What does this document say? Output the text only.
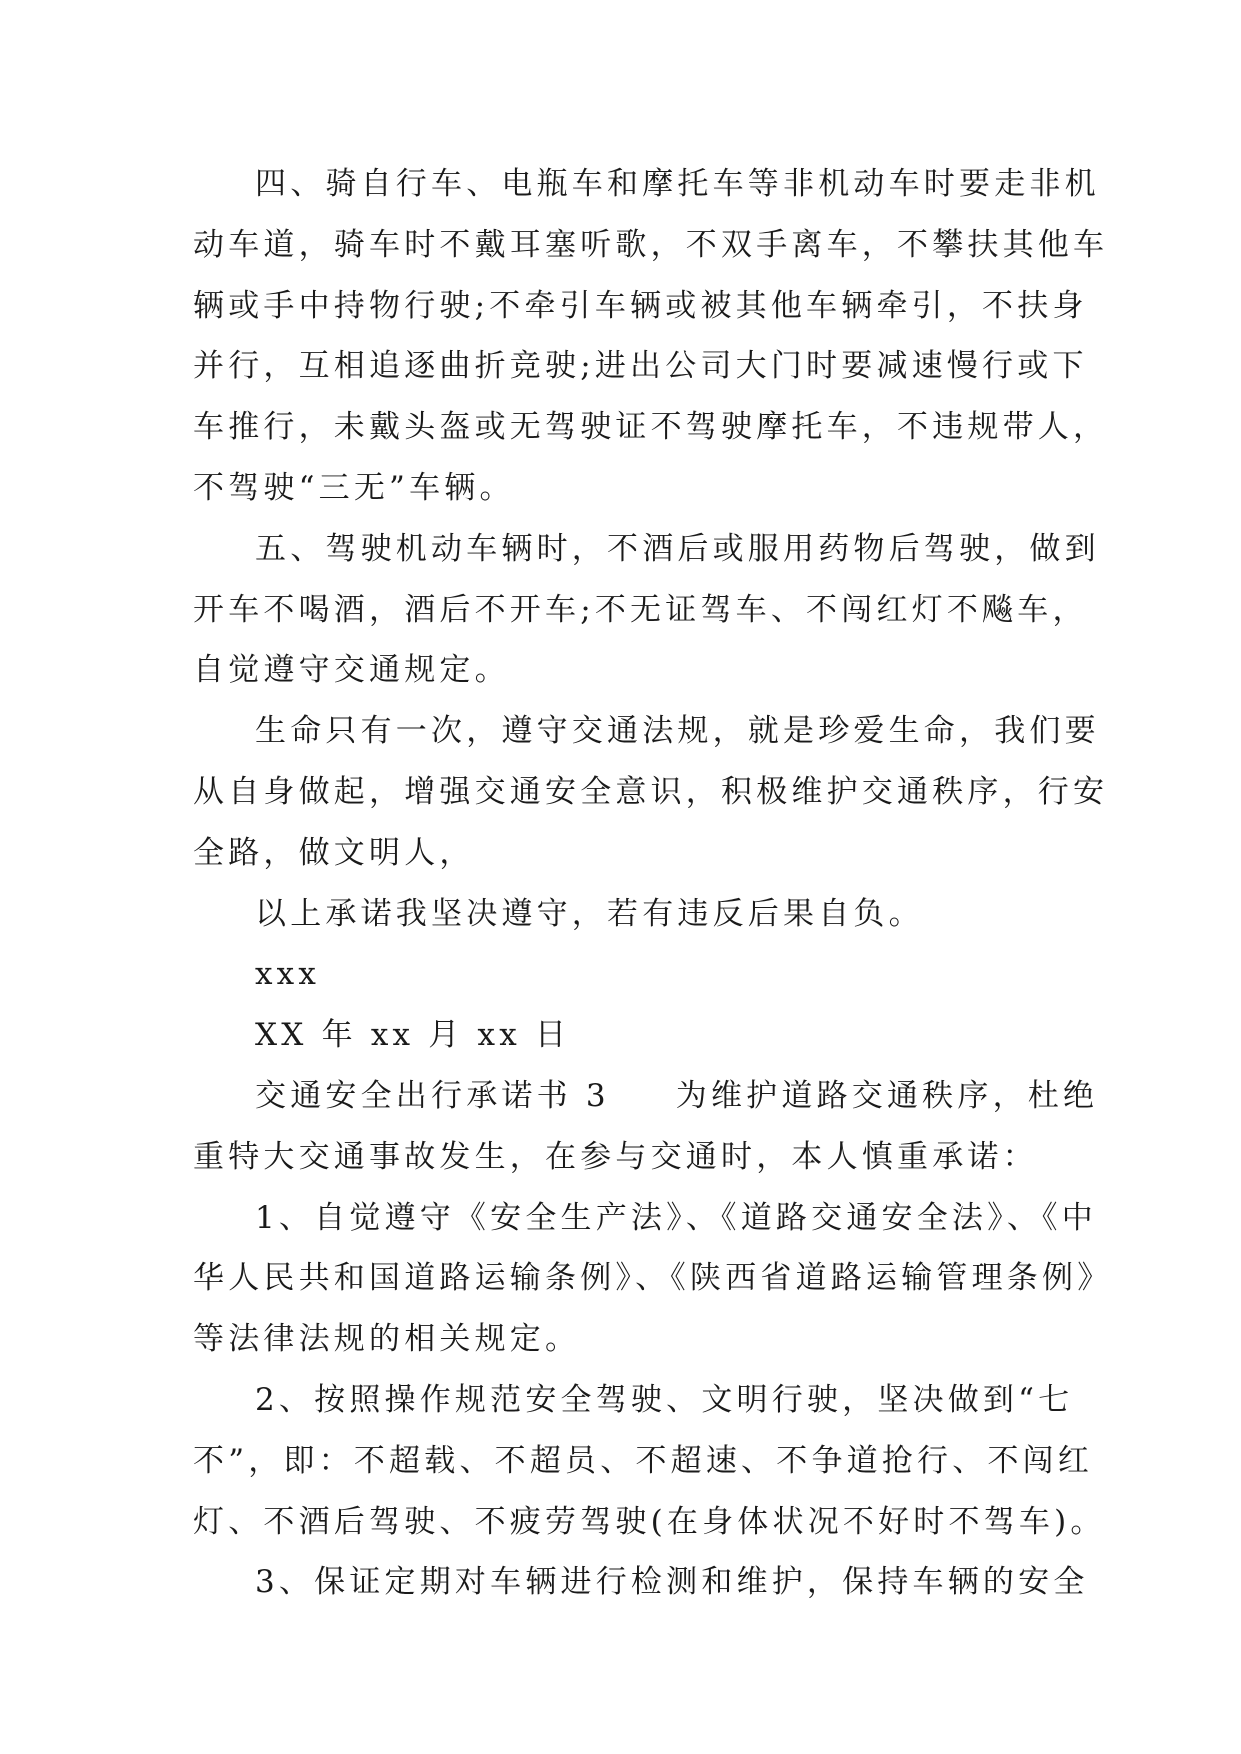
四、骑自行车、电瓶车和摩托车等非机动车时要走非机
动车道，骑车时不戴耳塞听歌，不双手离车，不攀扶其他车
辆或手中持物行驶;不牵引车辆或被其他车辆牵引，不扶身
并行，互相追逐曲折竞驶;进出公司大门时要减速慢行或下
车推行，未戴头盔或无驾驶证不驾驶摩托车，不违规带人，
不驾驶“三无”车辆。
五、驾驶机动车辆时，不酒后或服用药物后驾驶，做到
开车不喝酒，酒后不开车;不无证驾车、不闯红灯不飚车，
自觉遵守交通规定。
生命只有一次，遵守交通法规，就是珍爱生命，我们要
从自身做起，增强交通安全意识，积极维护交通秩序，行安
全路，做文明人，
以上承诺我坚决遵守，若有违反后果自负。
xxx
XX 年 xx 月 xx 日
交通安全出行承诺书 3 为维护道路交通秩序，杜绝
重特大交通事故发生，在参与交通时，本人慎重承诺：
1、自觉遵守《安全生产法》、《道路交通安全法》、《中
华人民共和国道路运输条例》、《陕西省道路运输管理条例》
等法律法规的相关规定。
2、按照操作规范安全驾驶、文明行驶，坚决做到“七
不”，即：不超载、不超员、不超速、不争道抢行、不闯红
灯、不酒后驾驶、不疲劳驾驶(在身体状况不好时不驾车)。
3、保证定期对车辆进行检测和维护，保持车辆的安全
